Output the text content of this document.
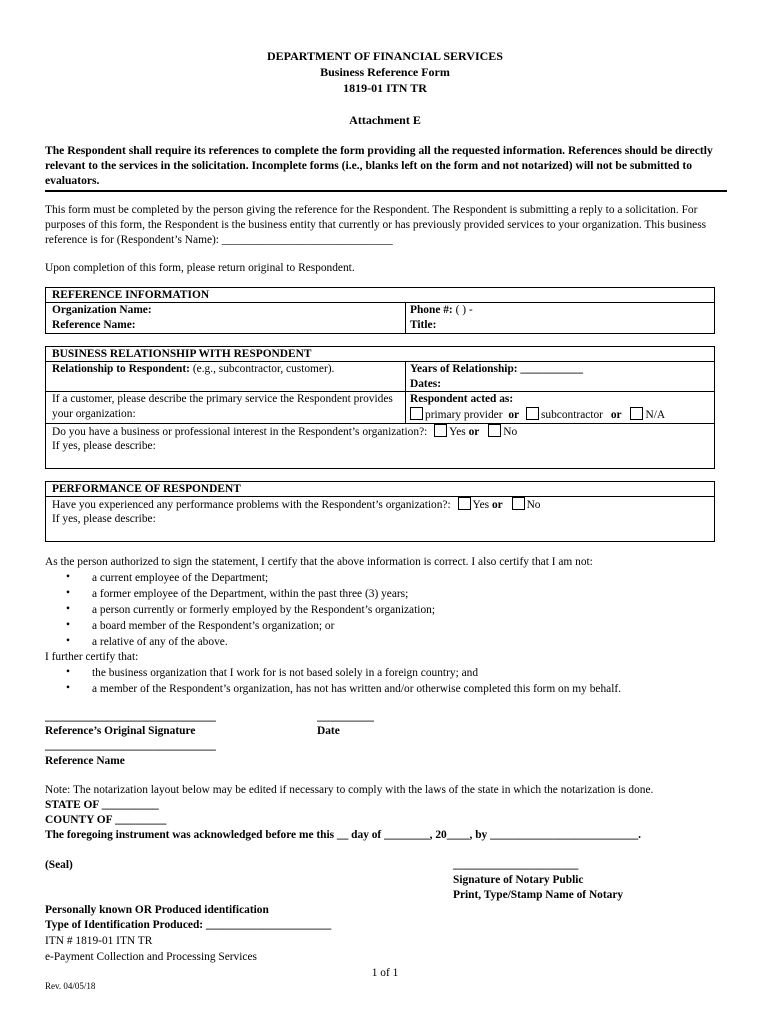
DEPARTMENT OF FINANCIAL SERVICES
Business Reference Form
1819-01 ITN TR
Attachment E
The Respondent shall require its references to complete the form providing all the requested information. References should be directly relevant to the services in the solicitation. Incomplete forms (i.e., blanks left on the form and not notarized) will not be submitted to evaluators.
This form must be completed by the person giving the reference for the Respondent. The Respondent is submitting a reply to a solicitation. For purposes of this form, the Respondent is the business entity that currently or has previously provided services to your organization. This business reference is for (Respondent’s Name): ______________________________
Upon completion of this form, please return original to Respondent.
REFERENCE INFORMATION
Organization Name:	Phone #: ( ) -
Reference Name:	Title:
BUSINESS RELATIONSHIP WITH RESPONDENT
Relationship to Respondent: (e.g., subcontractor, customer).	Years of Relationship: ___________
Dates:
If a customer, please describe the primary service the Respondent provides your organization:
Respondent acted as:
primary provider or subcontractor or N/A
Do you have a business or professional interest in the Respondent’s organization?: Yes or No
If yes, please describe:
PERFORMANCE OF RESPONDENT
Have you experienced any performance problems with the Respondent’s organization?: Yes or No
If yes, please describe:
As the person authorized to sign the statement, I certify that the above information is correct. I also certify that I am not:
• a current employee of the Department;
• a former employee of the Department, within the past three (3) years;
• a person currently or formerly employed by the Respondent’s organization;
• a board member of the Respondent’s organization; or
• a relative of any of the above.
I further certify that:
• the business organization that I work for is not based solely in a foreign country; and
• a member of the Respondent’s organization, has not has written and/or otherwise completed this form on my behalf.
______________________________	__________
Reference’s Original Signature	Date
______________________________
Reference Name
Note: The notarization layout below may be edited if necessary to comply with the laws of the state in which the notarization is done.
STATE OF __________
COUNTY OF _________
The foregoing instrument was acknowledged before me this __ day of ________, 20____, by __________________________.
(Seal)	______________________
Signature of Notary Public
Print, Type/Stamp Name of Notary
Personally known OR Produced identification
Type of Identification Produced: ______________________
ITN # 1819-01 ITN TR
e-Payment Collection and Processing Services
1 of 1
Rev. 04/05/18
